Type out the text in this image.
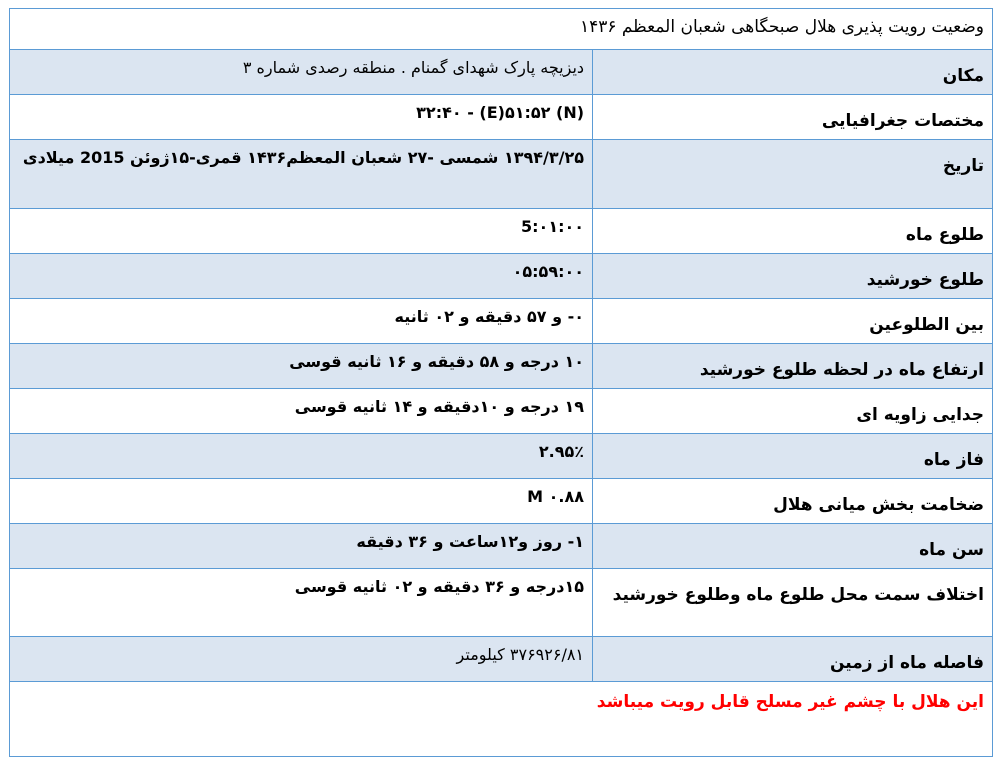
وضعیت رویت پذیری هلال صبحگاهی شعبان المعظم ۱۴۳۶	
مکان	دیزیچه پارک شهدای گمنام . منطقه رصدی شماره ۳
مختصات جغرافیایی	(N) ۳۲:۴۰ - (E)۵۱:۵۲
تاریخ	۱۳۹۴/۳/۲۵ شمسی -۲۷ شعبان المعظم۱۴۳۶ قمری-۱۵ژوئن 2015 میلادی
طلوع ماه	5:۰۱:۰۰
طلوع خورشید	۰۵:۵۹:۰۰
بین الطلوعین	۰- و ۵۷ دقیقه و ۰۲ ثانیه
ارتفاع ماه در لحظه طلوع خورشید	۱۰ درجه و ۵۸ دقیقه و ۱۶ ثانیه قوسی
جدایی زاویه ای	۱۹ درجه و ۱۰دقیقه و ۱۴ ثانیه قوسی
فاز ماه	۲.۹۵٪
ضخامت بخش میانی هلال	۰.۸۸ M
سن ماه	۱- روز و۱۲ساعت و ۳۶ دقیقه
اختلاف سمت محل طلوع ماه وطلوع خورشید	۱۵درجه و ۳۶ دقیقه و ۰۲ ثانیه قوسی
فاصله ماه از زمین	۳۷۶۹۲۶/۸۱ کیلومتر
این هلال با چشم غیر مسلح قابل رویت میباشد	
